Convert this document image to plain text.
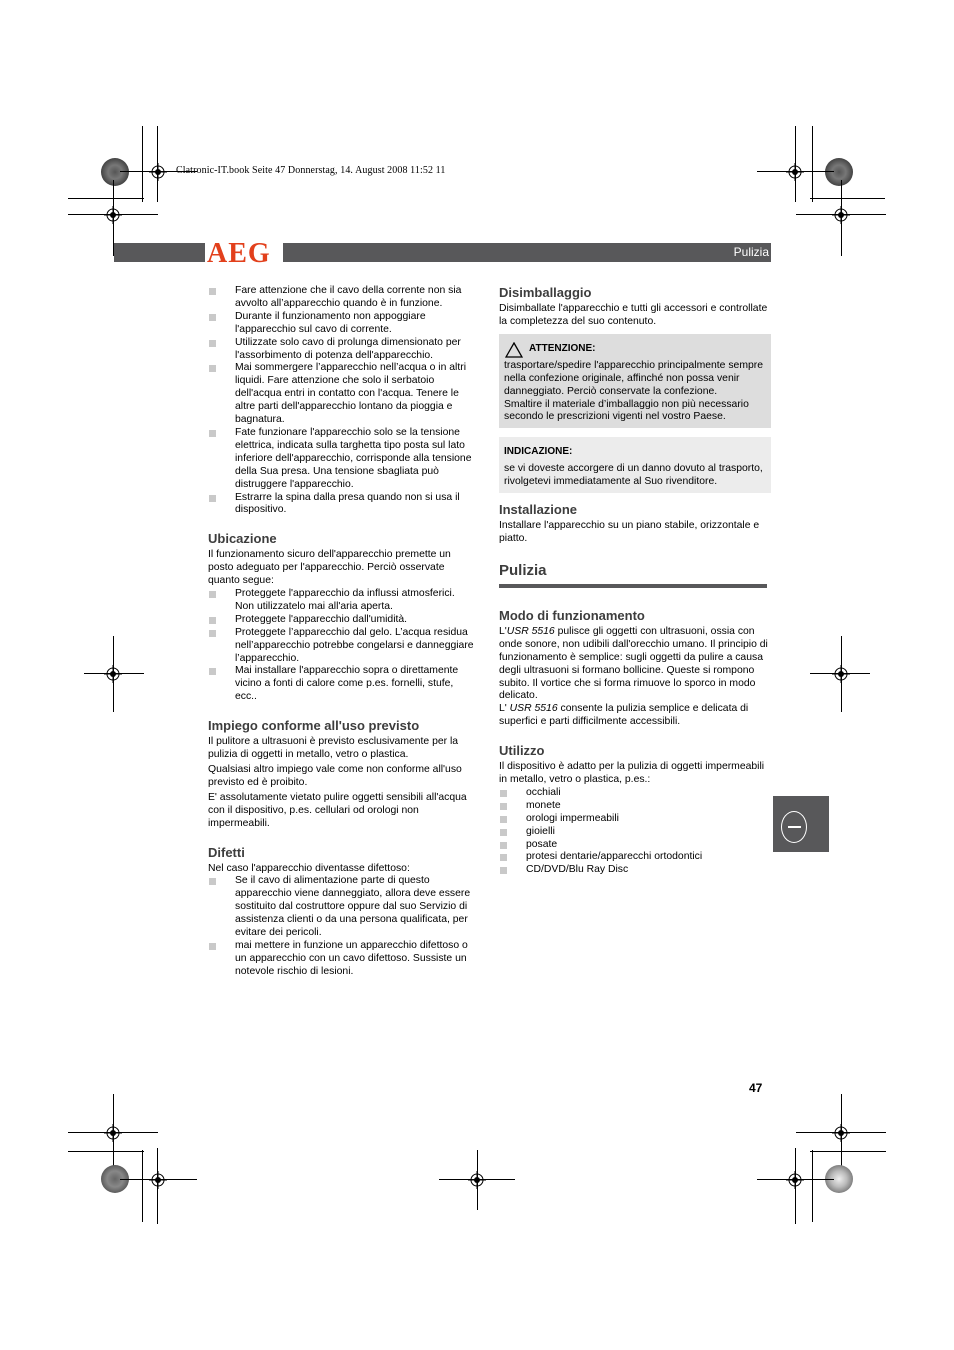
Clatronic-IT.book Seite 47 Donnerstag, 14. August 2008 11:52 11
AEG	Pulizia
Fare attenzione che il cavo della corrente non sia avvolto all’apparecchio quando è in funzione.
Durante il funzionamento non appoggiare l'apparecchio sul cavo di corrente.
Utilizzate solo cavo di prolunga dimensionato per l'assorbimento di potenza dell'apparecchio.
Mai sommergere l’apparecchio nell’acqua o in altri liquidi. Fare attenzione che solo il serbatoio dell'acqua entri in contatto con l'acqua. Tenere le altre parti dell'apparecchio lontano da pioggia e bagnatura.
Fate funzionare l'apparecchio solo se la tensione elettrica, indicata sulla targhetta tipo posta sul lato inferiore dell'apparecchio, corrisponde alla tensione della Sua presa. Una tensione sbagliata può distruggere l'apparecchio.
Estrarre la spina dalla presa quando non si usa il dispositivo.
Ubicazione

Il funzionamento sicuro dell'apparecchio premette un posto adeguato per l'apparecchio. Perciò osservate quanto segue:

Proteggete l'apparecchio da influssi atmosferici. Non utilizzatelo mai all'aria aperta.
Proteggete l'apparecchio dall'umidità.
Proteggete l’apparecchio dal gelo. L’acqua residua nell’apparecchio potrebbe congelarsi e danneggiare l’apparecchio.
Mai installare l'apparecchio sopra o direttamente vicino a fonti di calore come p.es. fornelli, stufe, ecc..
Impiego conforme all'uso previsto

Il pulitore a ultrasuoni è previsto esclusivamente per la pulizia di oggetti in metallo, vetro o plastica.

Qualsiasi altro impiego vale come non conforme all'uso previsto ed è proibito.

E' assolutamente vietato pulire oggetti sensibili all'acqua con il dispositivo, p.es. cellulari od orologi non impermeabili.

Difetti

Nel caso l'apparecchio diventasse difettoso:

Se il cavo di alimentazione parte di questo apparecchio viene danneggiato, allora deve essere sostituito dal costruttore oppure dal suo Servizio di assistenza clienti o da una persona qualificata, per evitare dei pericoli.
mai mettere in funzione un apparecchio difettoso o un apparecchio con un cavo difettoso. Sussiste un notevole rischio di lesioni.
Disimballaggio

Disimballate l'apparecchio e tutti gli accessori e controllate la completezza del suo contenuto.

ATTENZIONE:

trasportare/spedire l'apparecchio principalmente sempre nella confezione originale, affinché non possa venir danneggiato. Perciò conservate la confezione.

Smaltire il materiale d’imballaggio non più necessario secondo le prescrizioni vigenti nel vostro Paese.

INDICAZIONE:

se vi doveste accorgere di un danno dovuto al trasporto, rivolgetevi immediatamente al Suo rivenditore.

Installazione

Installare l'apparecchio su un piano stabile, orizzontale e piatto.

Pulizia
Modo di funzionamento

L'USR 5516 pulisce gli oggetti con ultrasuoni, ossia con onde sonore, non udibili dall'orecchio umano. Il principio di funzionamento è semplice: sugli oggetti da pulire a causa degli ultrasuoni si formano bollicine. Queste si rompono subito. Il vortice che si forma rimuove lo sporco in modo delicato.

L' USR 5516 consente la pulizia semplice e delicata di superfici e parti difficilmente accessibili.

Utilizzo

Il dispositivo è adatto per la pulizia di oggetti impermeabili in metallo, vetro o plastica, p.es.:

occhiali
monete
orologi impermeabili
gioielli
posate
protesi dentarie/apparecchi ortodontici
CD/DVD/Blu Ray Disc
47
